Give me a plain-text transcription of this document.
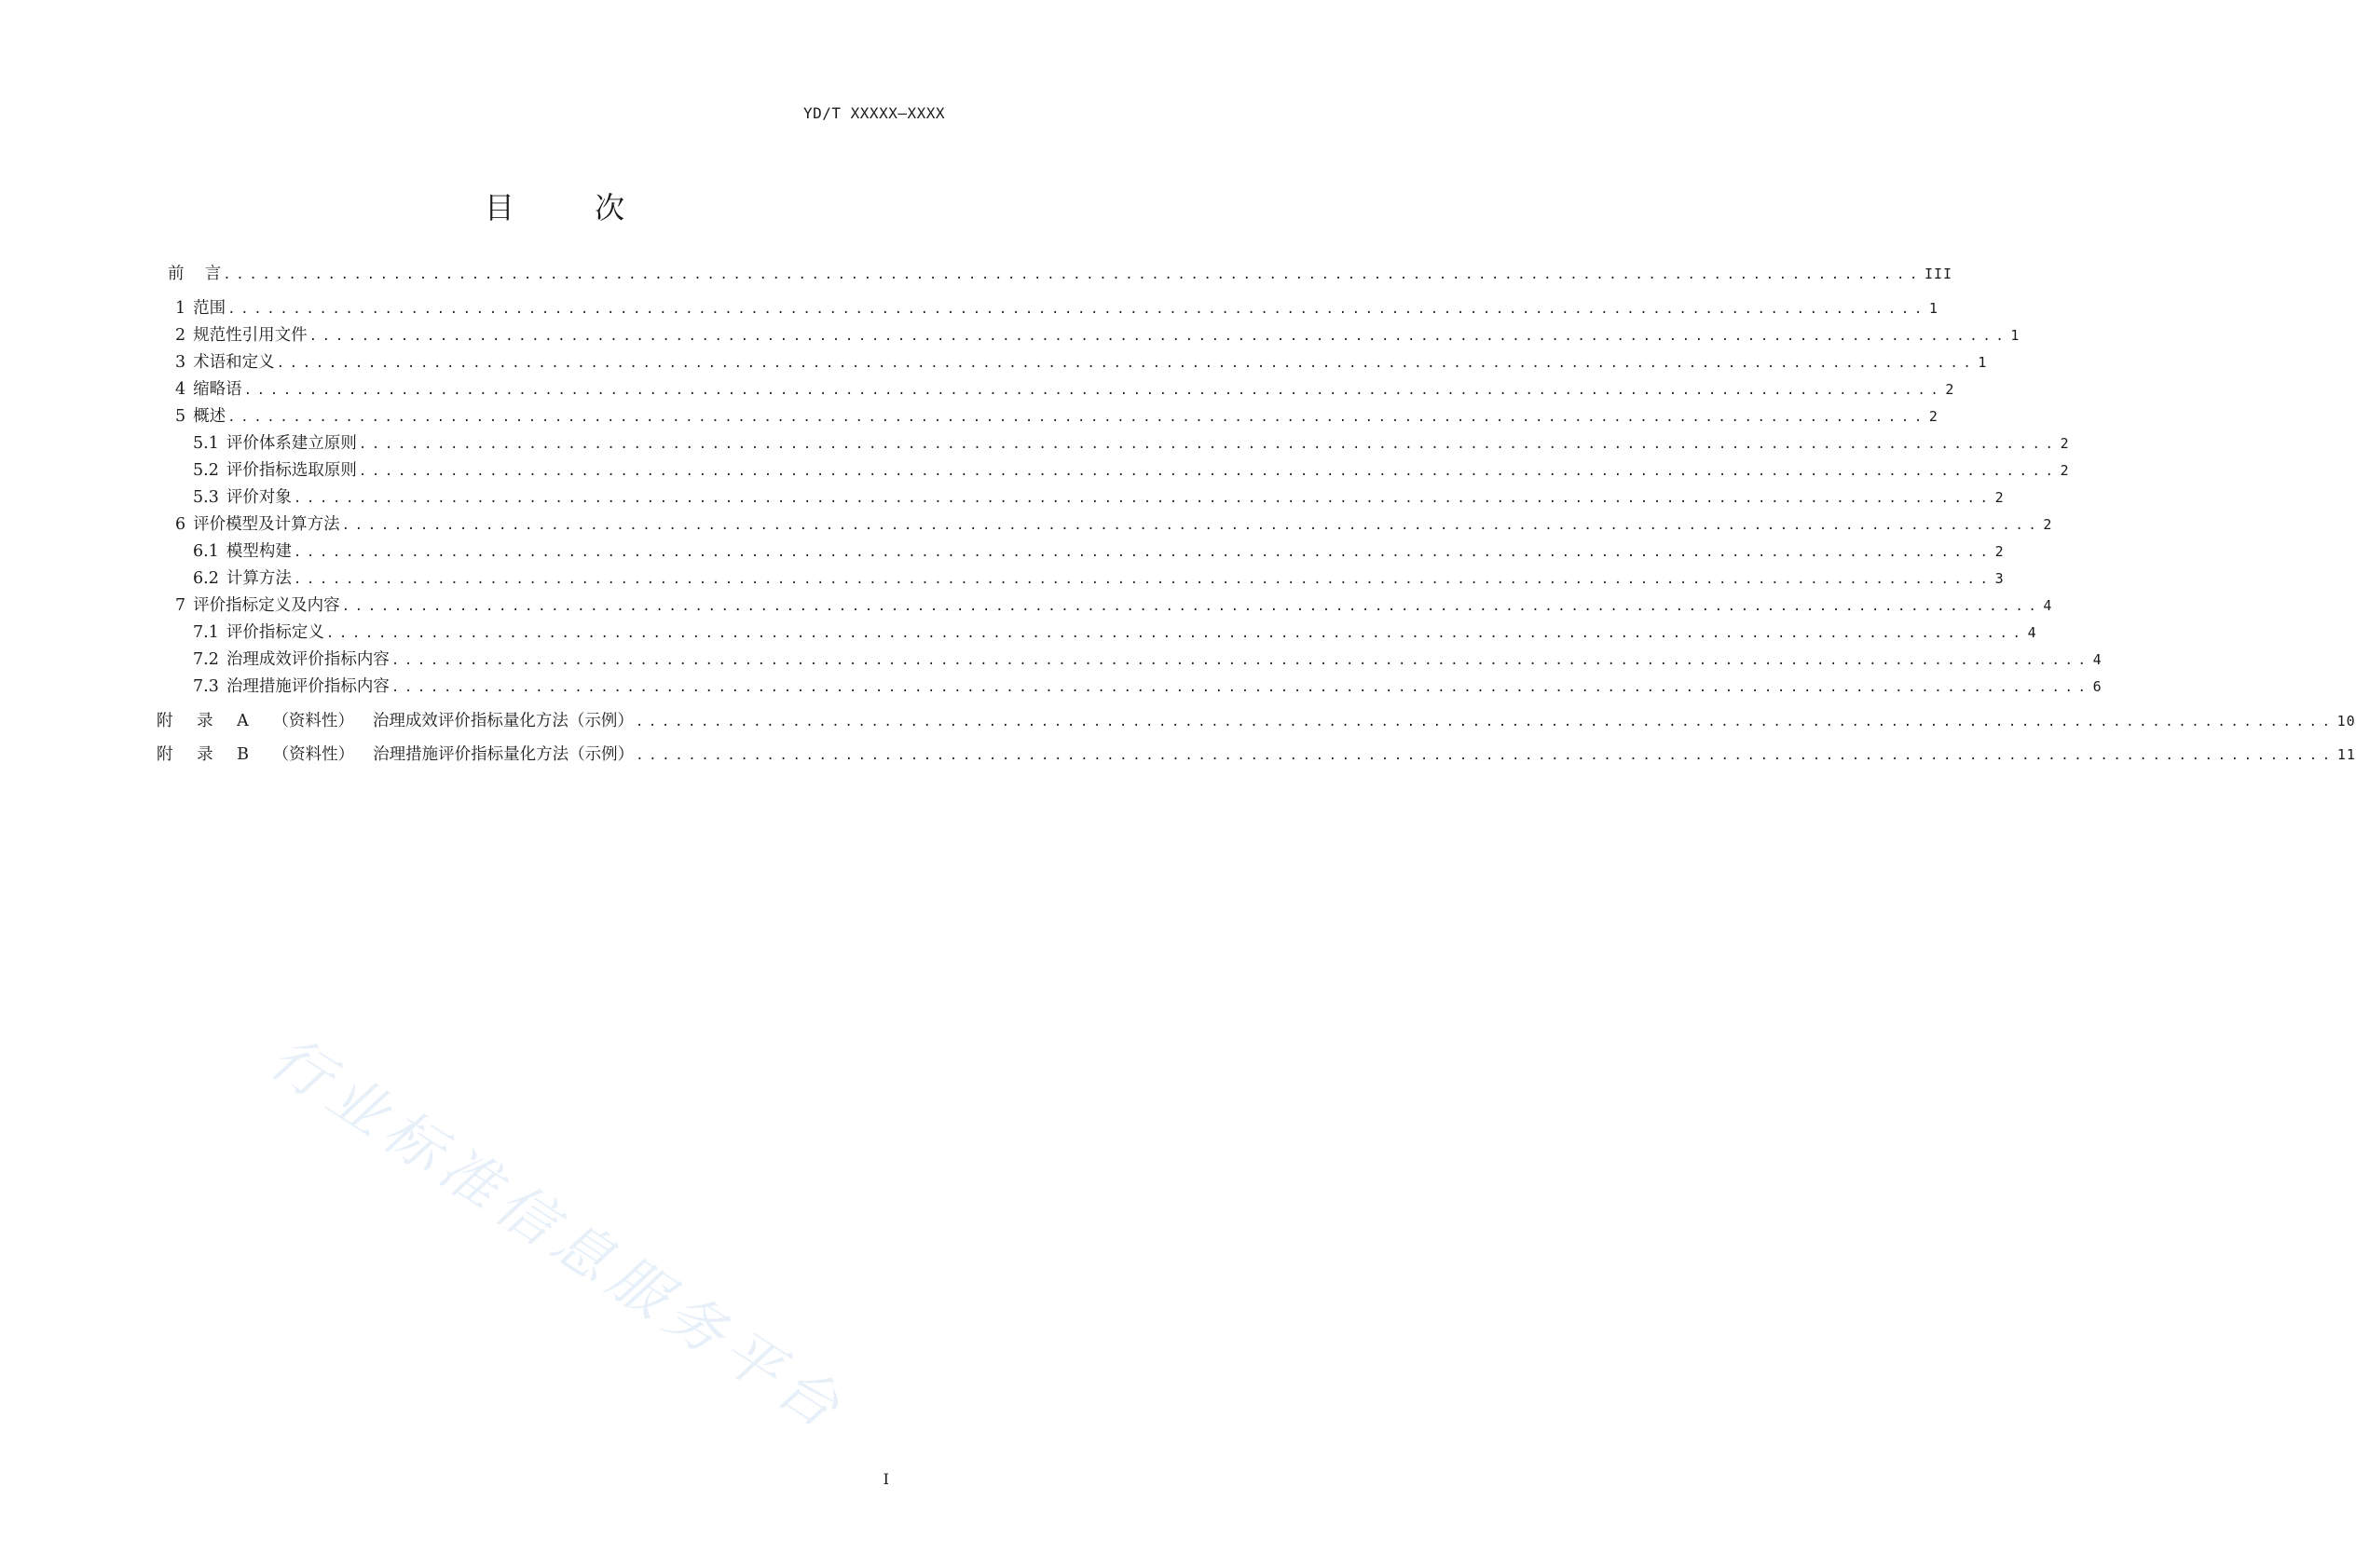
YD/T XXXXX—XXXX
目	次
前    言 .................................................................................................................................. III
1 范围 .................................................................................................................................. 1
2 规范性引用文件 .................................................................................................................................. 1
3 术语和定义 .................................................................................................................................. 1
4 缩略语 .................................................................................................................................. 2
5 概述 .................................................................................................................................. 2
5.1 评价体系建立原则 .................................................................................................................................. 2
5.2 评价指标选取原则 .................................................................................................................................. 2
5.3 评价对象 .................................................................................................................................. 2
6 评价模型及计算方法 .................................................................................................................................. 2
6.1 模型构建 .................................................................................................................................. 2
6.2 计算方法 .................................................................................................................................. 3
7 评价指标定义及内容 .................................................................................................................................. 4
7.1 评价指标定义 .................................................................................................................................. 4
7.2 治理成效评价指标内容 .................................................................................................................................. 4
7.3 治理措施评价指标内容 .................................................................................................................................. 6
附 录 A （资料性）	治理成效评价指标量化方法（示例） .................................................................................................................................. 10
附 录 B （资料性）	治理措施评价指标量化方法（示例） .................................................................................................................................. 11
行业标准信息服务平台
I
